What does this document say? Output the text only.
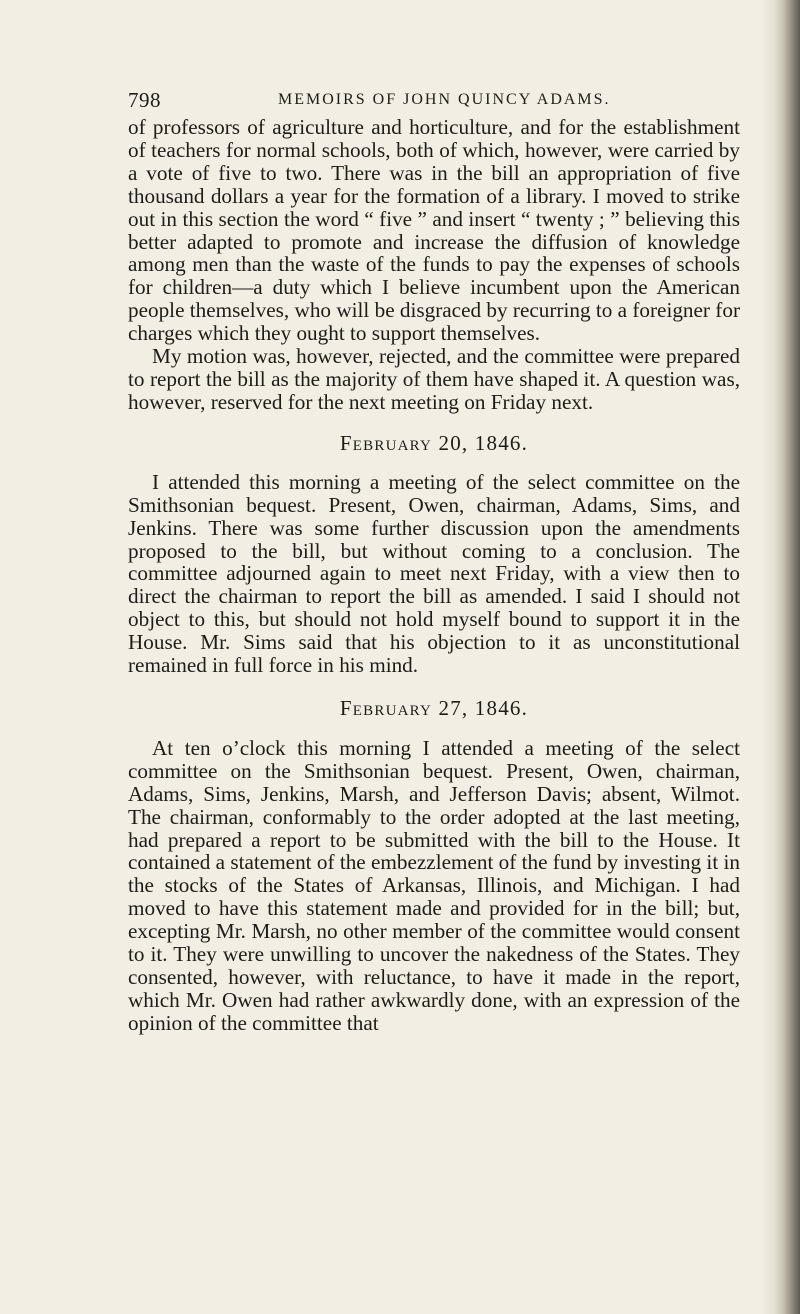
798	MEMOIRS OF JOHN QUINCY ADAMS.

of professors of agriculture and horticulture, and for the establishment of teachers for normal schools, both of which, however, were carried by a vote of five to two. There was in the bill an appropriation of five thousand dollars a year for the formation of a library. I moved to strike out in this section the word “ five ” and insert “ twenty ; ” believing this better adapted to promote and increase the diffusion of knowledge among men than the waste of the funds to pay the expenses of schools for children—a duty which I believe incumbent upon the American people themselves, who will be disgraced by recurring to a foreigner for charges which they ought to support themselves.

My motion was, however, rejected, and the committee were prepared to report the bill as the majority of them have shaped it. A question was, however, reserved for the next meeting on Friday next.

February 20, 1846.

I attended this morning a meeting of the select committee on the Smithsonian bequest. Present, Owen, chairman, Adams, Sims, and Jenkins. There was some further discussion upon the amendments proposed to the bill, but without coming to a conclusion. The committee adjourned again to meet next Friday, with a view then to direct the chairman to report the bill as amended. I said I should not object to this, but should not hold myself bound to support it in the House. Mr. Sims said that his objection to it as unconstitutional remained in full force in his mind.

February 27, 1846.

At ten o’clock this morning I attended a meeting of the select committee on the Smithsonian bequest. Present, Owen, chairman, Adams, Sims, Jenkins, Marsh, and Jefferson Davis; absent, Wilmot. The chairman, conformably to the order adopted at the last meeting, had prepared a report to be submitted with the bill to the House. It contained a statement of the embezzlement of the fund by investing it in the stocks of the States of Arkansas, Illinois, and Michigan. I had moved to have this statement made and provided for in the bill; but, excepting Mr. Marsh, no other member of the committee would consent to it. They were unwilling to uncover the nakedness of the States. They consented, however, with reluctance, to have it made in the report, which Mr. Owen had rather awkwardly done, with an expression of the opinion of the committee that
